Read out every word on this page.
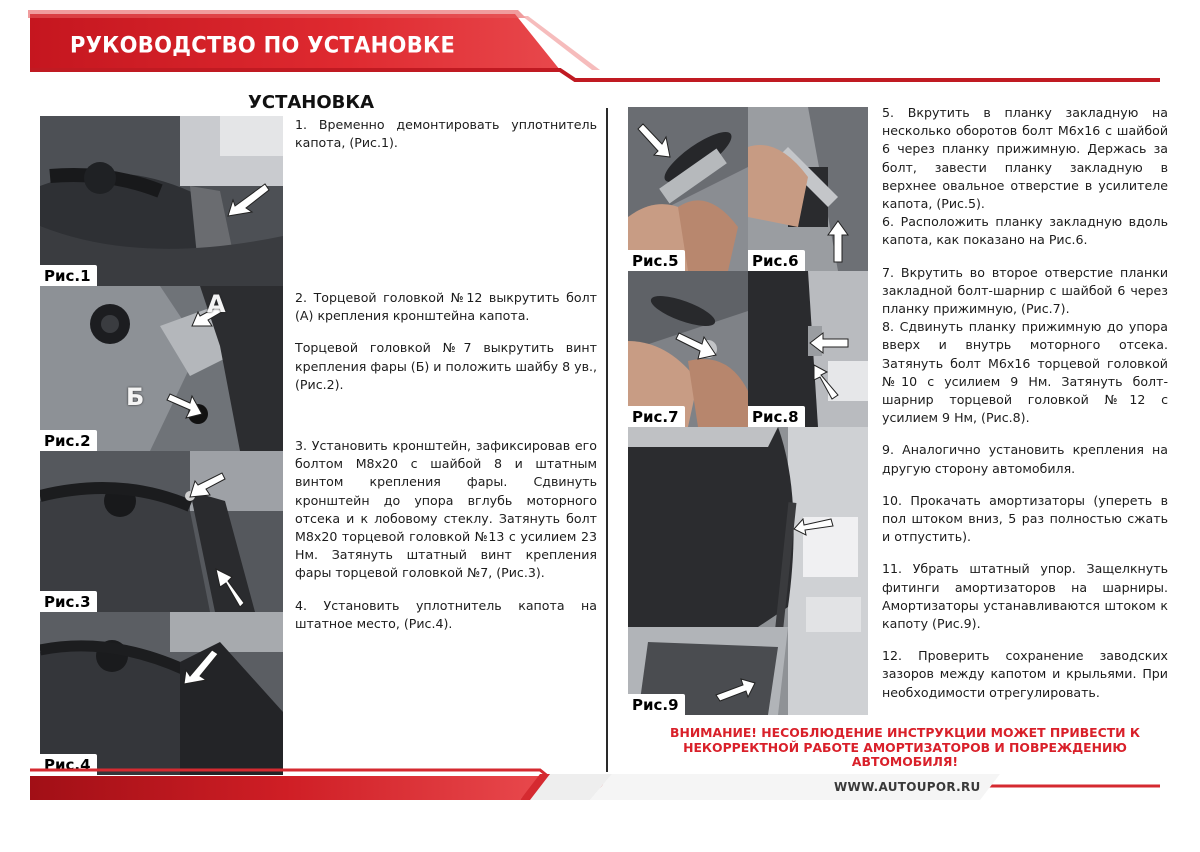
РУКОВОДСТВО ПО УСТАНОВКЕ
УСТАНОВКА
Рис.1
А
Б
Рис.2
Рис.3
Рис.4

1. Временно демонтировать уплотнитель капота, (Рис.1).

2. Торцевой головкой №12 выкрутить болт (А) крепления кронштейна капота.

Торцевой головкой №7 выкрутить винт крепления фары (Б) и положить шайбу 8 ув., (Рис.2).

3. Установить кронштейн, зафиксировав его болтом М8х20 с шайбой 8 и штатным винтом крепления фары. Сдвинуть кронштейн до упора вглубь моторного отсека и к лобовому стеклу. Затянуть болт М8х20 торцевой головкой №13 с усилием 23 Нм. Затянуть штатный винт крепления фары торцевой головкой №7, (Рис.3).

4. Установить уплотнитель капота на штатное место, (Рис.4).

Рис.5	Рис.6
Рис.7	Рис.8
Рис.9

5. Вкрутить в планку закладную на несколько оборотов болт М6х16 с шайбой 6 через планку прижимную. Держась за болт, завести планку закладную в верхнее овальное отверстие в усилителе капота, (Рис.5).

6. Расположить планку закладную вдоль капота, как показано на Рис.6.

7. Вкрутить во второе отверстие планки закладной болт-шарнир с шайбой 6 через планку прижимную, (Рис.7).

8. Сдвинуть планку прижимную до упора вверх и внутрь моторного отсека. Затянуть болт М6х16 торцевой головкой №10 с усилием 9 Нм. Затянуть болт-шарнир торцевой головкой №12 с усилием 9 Нм, (Рис.8).

9. Аналогично установить крепления на другую сторону автомобиля.

10. Прокачать амортизаторы (упереть в пол штоком вниз, 5 раз полностью сжать и отпустить).

11. Убрать штатный упор. Защелкнуть фитинги амортизаторов на шарниры. Амортизаторы устанавливаются штоком к капоту (Рис.9).

12. Проверить сохранение заводских зазоров между капотом и крыльями. При необходимости отрегулировать.

ВНИМАНИЕ! НЕСОБЛЮДЕНИЕ ИНСТРУКЦИИ МОЖЕТ ПРИВЕСТИ К НЕКОРРЕКТНОЙ РАБОТЕ АМОРТИЗАТОРОВ И ПОВРЕЖДЕНИЮ АВТОМОБИЛЯ!
WWW.AUTOUPOR.RU
